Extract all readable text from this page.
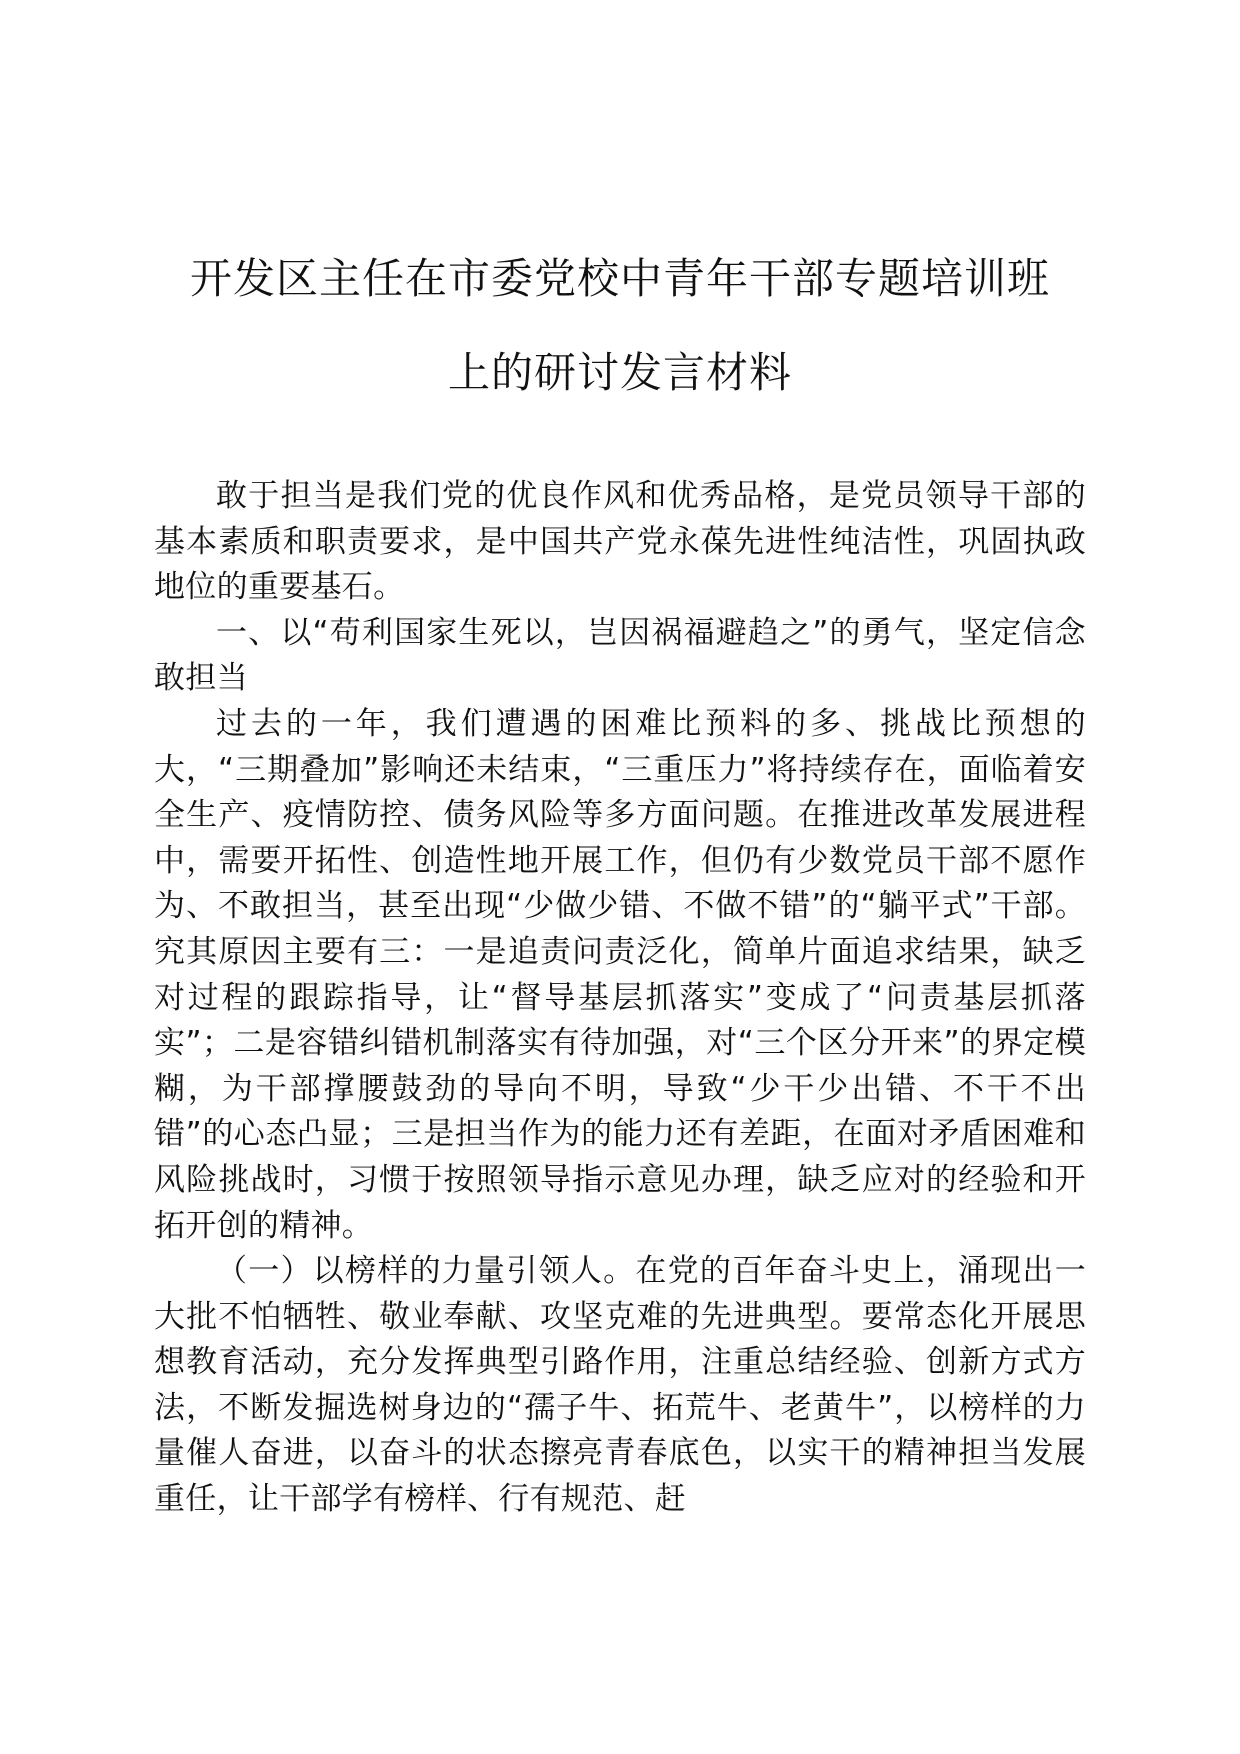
开发区主任在市委党校中青年干部专题培训班
上的研讨发言材料

敢于担当是我们党的优良作风和优秀品格，是党员领导干部的基本素质和职责要求，是中国共产党永葆先进性纯洁性，巩固执政地位的重要基石。

一、以“苟利国家生死以，岂因祸福避趋之”的勇气，坚定信念敢担当

过去的一年，我们遭遇的困难比预料的多、挑战比预想的大，“三期叠加”影响还未结束，“三重压力”将持续存在，面临着安全生产、疫情防控、债务风险等多方面问题。在推进改革发展进程中，需要开拓性、创造性地开展工作，但仍有少数党员干部不愿作为、不敢担当，甚至出现“少做少错、不做不错”的“躺平式”干部。究其原因主要有三：一是追责问责泛化，简单片面追求结果，缺乏对过程的跟踪指导，让“督导基层抓落实”变成了“问责基层抓落实”；二是容错纠错机制落实有待加强，对“三个区分开来”的界定模糊，为干部撑腰鼓劲的导向不明，导致“少干少出错、不干不出错”的心态凸显；三是担当作为的能力还有差距，在面对矛盾困难和风险挑战时，习惯于按照领导指示意见办理，缺乏应对的经验和开拓开创的精神。

（一）以榜样的力量引领人。在党的百年奋斗史上，涌现出一大批不怕牺牲、敬业奉献、攻坚克难的先进典型。要常态化开展思想教育活动，充分发挥典型引路作用，注重总结经验、创新方式方法，不断发掘选树身边的“孺子牛、拓荒牛、老黄牛”，以榜样的力量催人奋进，以奋斗的状态擦亮青春底色，以实干的精神担当发展重任，让干部学有榜样、行有规范、赶
